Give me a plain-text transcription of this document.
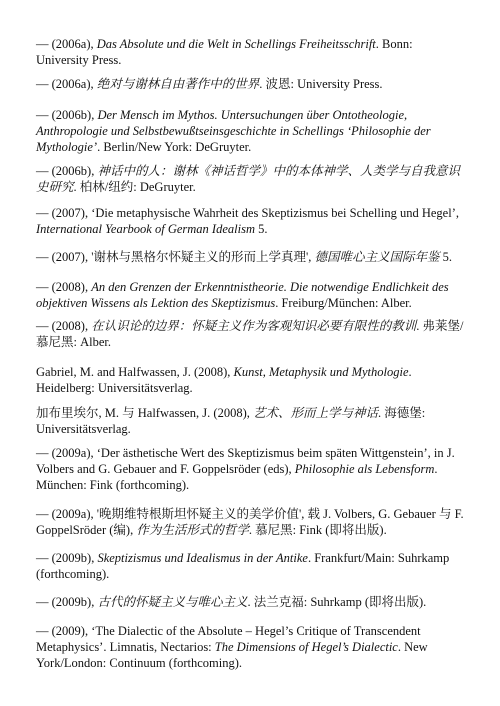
— (2006a), Das Absolute und die Welt in Schellings Freiheitsschrift. Bonn: University Press.

— (2006a), 绝对与谢林自由著作中的世界. 波恩: University Press.

— (2006b), Der Mensch im Mythos. Untersuchungen über Ontotheologie, Anthropologie und Selbstbewußtseinsgeschichte in Schellings ‘Philosophie der Mythologie’. Berlin/New York: DeGruyter.

— (2006b), 神话中的人：谢林《神话哲学》中的本体神学、人类学与自我意识史研究. 柏林/纽约: DeGruyter.

— (2007), ‘Die metaphysische Wahrheit des Skeptizismus bei Schelling und Hegel’, International Yearbook of German Idealism 5.

— (2007), '谢林与黑格尔怀疑主义的形而上学真理', 德国唯心主义国际年鉴 5.

— (2008), An den Grenzen der Erkenntnistheorie. Die notwendige Endlichkeit des objektiven Wissens als Lektion des Skeptizismus. Freiburg/München: Alber.

— (2008), 在认识论的边界：怀疑主义作为客观知识必要有限性的教训. 弗莱堡/慕尼黑: Alber.

Gabriel, M. and Halfwassen, J. (2008), Kunst, Metaphysik und Mythologie. Heidelberg: Universitätsverlag.

加布里埃尔, M. 与 Halfwassen, J. (2008), 艺术、形而上学与神话. 海德堡: Universitätsverlag.

— (2009a), ‘Der ästhetische Wert des Skeptizismus beim späten Wittgenstein’, in J. Volbers and G. Gebauer and F. Goppelsröder (eds), Philosophie als Lebensform. München: Fink (forthcoming).

— (2009a), '晚期维特根斯坦怀疑主义的美学价值', 载 J. Volbers, G. Gebauer 与 F. GoppelSröder (编), 作为生活形式的哲学. 慕尼黑: Fink (即将出版).

— (2009b), Skeptizismus und Idealismus in der Antike. Frankfurt/Main: Suhrkamp (forthcoming).

— (2009b), 古代的怀疑主义与唯心主义. 法兰克福: Suhrkamp (即将出版).

— (2009), ‘The Dialectic of the Absolute – Hegel’s Critique of Transcendent Metaphysics’. Limnatis, Nectarios: The Dimensions of Hegel’s Dialectic. New York/London: Continuum (forthcoming).
